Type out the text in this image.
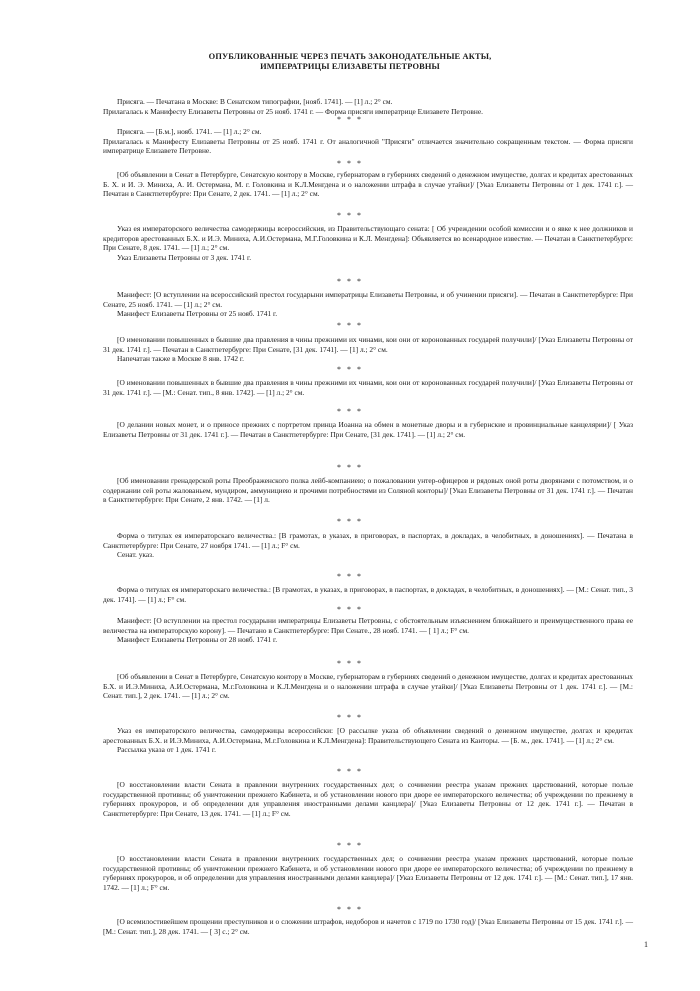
ОПУБЛИКОВАННЫЕ ЧЕРЕЗ ПЕЧАТЬ ЗАКОНОДАТЕЛЬНЫЕ АКТЫ,
ИМПЕРАТРИЦЫ ЕЛИЗАВЕТЫ ПЕТРОВНЫ

Присяга. — Печатана в Москве: В Сенатском типографии, [нояб. 1741]. — [1] л.; 2° см.

Прилагалась к Манифесту Елизаветы Петровны от 25 нояб. 1741 г. — Форма присяги императрице Елизавете Петровне.

* * *

Присяга. — [Б.м.], нояб. 1741. — [1] л.; 2° см.

Прилагалась к Манифесту Елизаветы Петровны от 25 нояб. 1741 г. От аналогичной "Присяги" отличается значительно сокращенным текстом. — Форма присяги императрице Елизавете Петровне.

* * *

[Об объявлении в Сенат в Петербурге, Сенатскую контору в Москве, губернаторам в губерниях сведений о денежном имуществе, долгах и кредитах арестованных Б. Х. и И. Э. Миниха, А. И. Остермана, М. г. Головкина и К.Л.Менгдена и о наложении штрафа в случае утайки]/ [Указ Елизаветы Петровны от 1 дек. 1741 г.]. — Печатан в Санктпетербурге: При Сенате, 2 дек. 1741. — [1] л.; 2° см.

* * *

Указ ея императорского величества самодержицы всероссийския, из Правительствующаго сената: [ Об учреждении особой комиссии и о явке к нее должников и кредиторов арестованных Б.Х. и И.Э. Миниха, А.И.Остермана, М.Г.Головкина и К.Л. Менгдена]: Объявляется во всенародное известие. — Печатан в Санктпетербурге: При Сенате, 8 дек. 1741. — [1] л.; 2° см.

Указ Елизаветы Петровны от 3 дек. 1741 г.
* * *

Манифест: [О вступлении на всероссийский престол государыни императрицы Елизаветы Петровны, и об учинении присяги]. — Печатан в Санктпетербурге: При Сенате, 25 нояб. 1741. — [1] л.; 2° см.

Манифест Елизаветы Петровны от 25 нояб. 1741 г.
* * *

[О именовании повышенных в бывшие два правления в чины прежними их чинами, кои они от коронованных государей получили]/ [Указ Елизаветы Петровны от 31 дек. 1741 г.]. — Печатан в Санктпетербурге: При Сенате, [31 дек. 1741]. — [1] л.; 2° см.

Напечатан также в Москве 8 янв. 1742 г.
* * *

[О именовании повышенных в бывшие два правления в чины прежними их чинами, кои они от коронованных государей получили]/ [Указ Елизаветы Петровны от 31 дек. 1741 г.]. — [М.: Сенат. тип., 8 янв. 1742]. — [1] л.; 2° см.

* * *

[О делании новых монет, и о приносе прежних с портретом принца Иоанна на обмен в монетные дворы и в губернские и провинциальные канцелярии]/ [ Указ Елизаветы Петровны от 31 дек. 1741 г.]. — Печатан в Санктпетербурге: При Сенате, [31 дек. 1741]. — [1] л.; 2° см.

* * *

[Об именовании гренадерской роты Преображенского полка лейб-компаниею; о пожаловании унтер-офицеров и рядовых оной роты дворянами с потомством, и о содержании сей роты жалованьем, мундиром, аммунициею и прочими потребностями из Соляной конторы]/ [Указ Елизаветы Петровны от 31 дек. 1741 г.]. — Печатан в Санктпетербурге: При Сенате, 2 янв. 1742. — [1] л.

* * *

Форма о титулах ея императорскаго величества.: [В грамотах, в указах, в приговорах, в паспортах, в докладах, в челобитных, в доношениях]. — Печатана в Санктпетербурге: При Сенате, 27 ноября 1741. — [1] л.; F° см.

Сенат. указ.
* * *

Форма о титулах ея императорскаго величества.: [В грамотах, в указах, в приговорах, в паспортах, в докладах, в челобитных, в доношениях]. — [М.: Сенат. тип., 3 дек. 1741]. — [1] л.; F° см.

* * *

Манифест: [О вступлении на престол государыни императрицы Елизаветы Петровны, с обстоятельным изъяснением ближайшего и преимущественного права ее величества на императорскую корону]. — Печатано в Санктпетербурге: При Сенате., 28 нояб. 1741. — [ 1] л.; F° см.

Манифест Елизаветы Петровны от 28 нояб. 1741 г.
* * *

[Об объявлении в Сенат в Петербурге, Сенатскую контору в Москве, губернаторам в губерниях сведений о денежном имуществе, долгах и кредитах арестованных Б.Х. и И.Э.Миниха, А.И.Остермана, М.г.Головкина и К.Л.Менгдена и о наложении штрафа в случае утайки]/ [Указ Елизаветы Петровны от 1 дек. 1741 г.]. — [М.: Сенат. тип.], 2 дек. 1741. — [1] л.; 2° см.

* * *

Указ ея императорского величества, самодержицы всероссийски: [О рассылке указа об объявлении сведений о денежном имуществе, долгах и кредитах арестованных Б.Х. и И.Э.Миниха, А.И.Остермана, М.г.Головкина и К.Л.Менгдена]: Правительствующего Сената из Канторы. — [Б. м., дек. 1741]. — [1] л.; 2° см.

Рассылка указа от 1 дек. 1741 г.
* * *

[О восстановлении власти Сената в правлении внутренних государственных дел; о сочинении реестра указам прежних царствований, которые пользе государственной противны; об уничтожении прежнего Кабинета, и об установлении нового при дворе ее императорского величества; об учреждении по прежнему в губерниях прокуроров, и об определении для управления иностранными делами канцлера]/ [Указ Елизаветы Петровны от 12 дек. 1741 г.]. — Печатан в Санктпетербурге: При Сенате, 13 дек. 1741. — [1] л.; F° см.

* * *

[О восстановлении власти Сената в правлении внутренних государственных дел; о сочинении реестра указам прежних царствований, которые пользе государственной противны; об уничтожении прежнего Кабинета, и об установлении нового при дворе ее императорского величества; об учреждении по прежнему в губерниях прокуроров, и об определении для управления иностранными делами канцлера]/ [Указ Елизаветы Петровны от 12 дек. 1741 г.]. — [М.: Сенат. тип.], 17 янв. 1742. — [1] л.; F° см.

* * *

[О всемилостивейшем прощении преступников и о сложении штрафов, недоборов и начетов с 1719 по 1730 год]/ [Указ Елизаветы Петровны от 15 дек. 1741 г.]. — [М.: Сенат. тип.], 28 дек. 1741. — [ 3] с.; 2° см.

1
